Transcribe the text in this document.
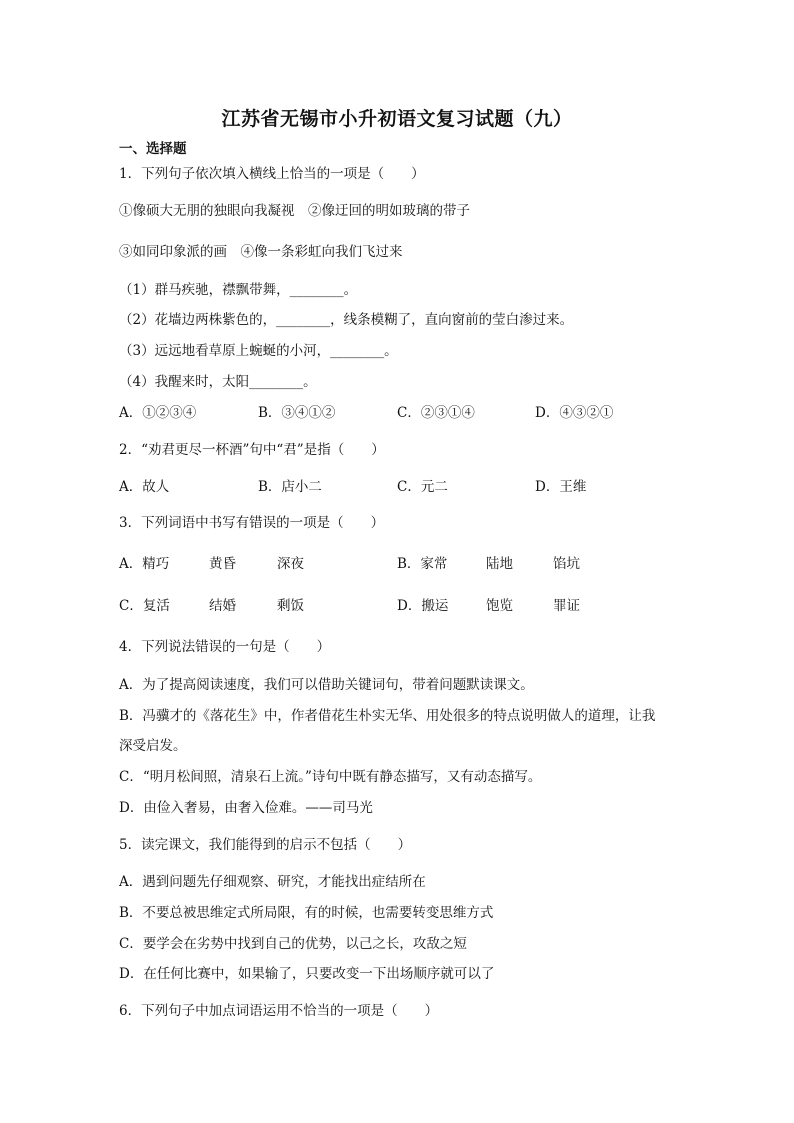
江苏省无锡市小升初语文复习试题（九）
一、选择题
1．下列句子依次填入横线上恰当的一项是（　　）
①像硕大无朋的独眼向我凝视　②像迂回的明如玻璃的带子
③如同印象派的画　④像一条彩虹向我们飞过来
（1）群马疾驰，襟飘带舞，________。
（2）花墙边两株紫色的，________，线条模糊了，直向窗前的莹白渗过来。
（3）远远地看草原上蜿蜒的小河，________。
（4）我醒来时，太阳________。
A．①②③④	B．③④①②	C．②③①④	D．④③②①
2．“劝君更尽一杯酒”句中“君”是指（　　）
A．故人	B．店小二	C．元二	D．王维
3．下列词语中书写有错误的一项是（　　）
A．精巧	黄昏	深夜	B．家常	陆地	馅坑
C．复活	结婚	剩饭	D．搬运	饱览	罪证
4．下列说法错误的一句是（　　）
A．为了提高阅读速度，我们可以借助关键词句，带着问题默读课文。
B．冯骥才的《落花生》中，作者借花生朴实无华、用处很多的特点说明做人的道理，让我
深受启发。
C．“明月松间照，清泉石上流。”诗句中既有静态描写，又有动态描写。
D．由俭入奢易，由奢入俭难。——司马光
5．读完课文，我们能得到的启示不包括（　　）
A．遇到问题先仔细观察、研究，才能找出症结所在
B．不要总被思维定式所局限，有的时候，也需要转变思维方式
C．要学会在劣势中找到自己的优势，以己之长，攻敌之短
D．在任何比赛中，如果输了，只要改变一下出场顺序就可以了
6．下列句子中加点词语运用不恰当的一项是（　　）
